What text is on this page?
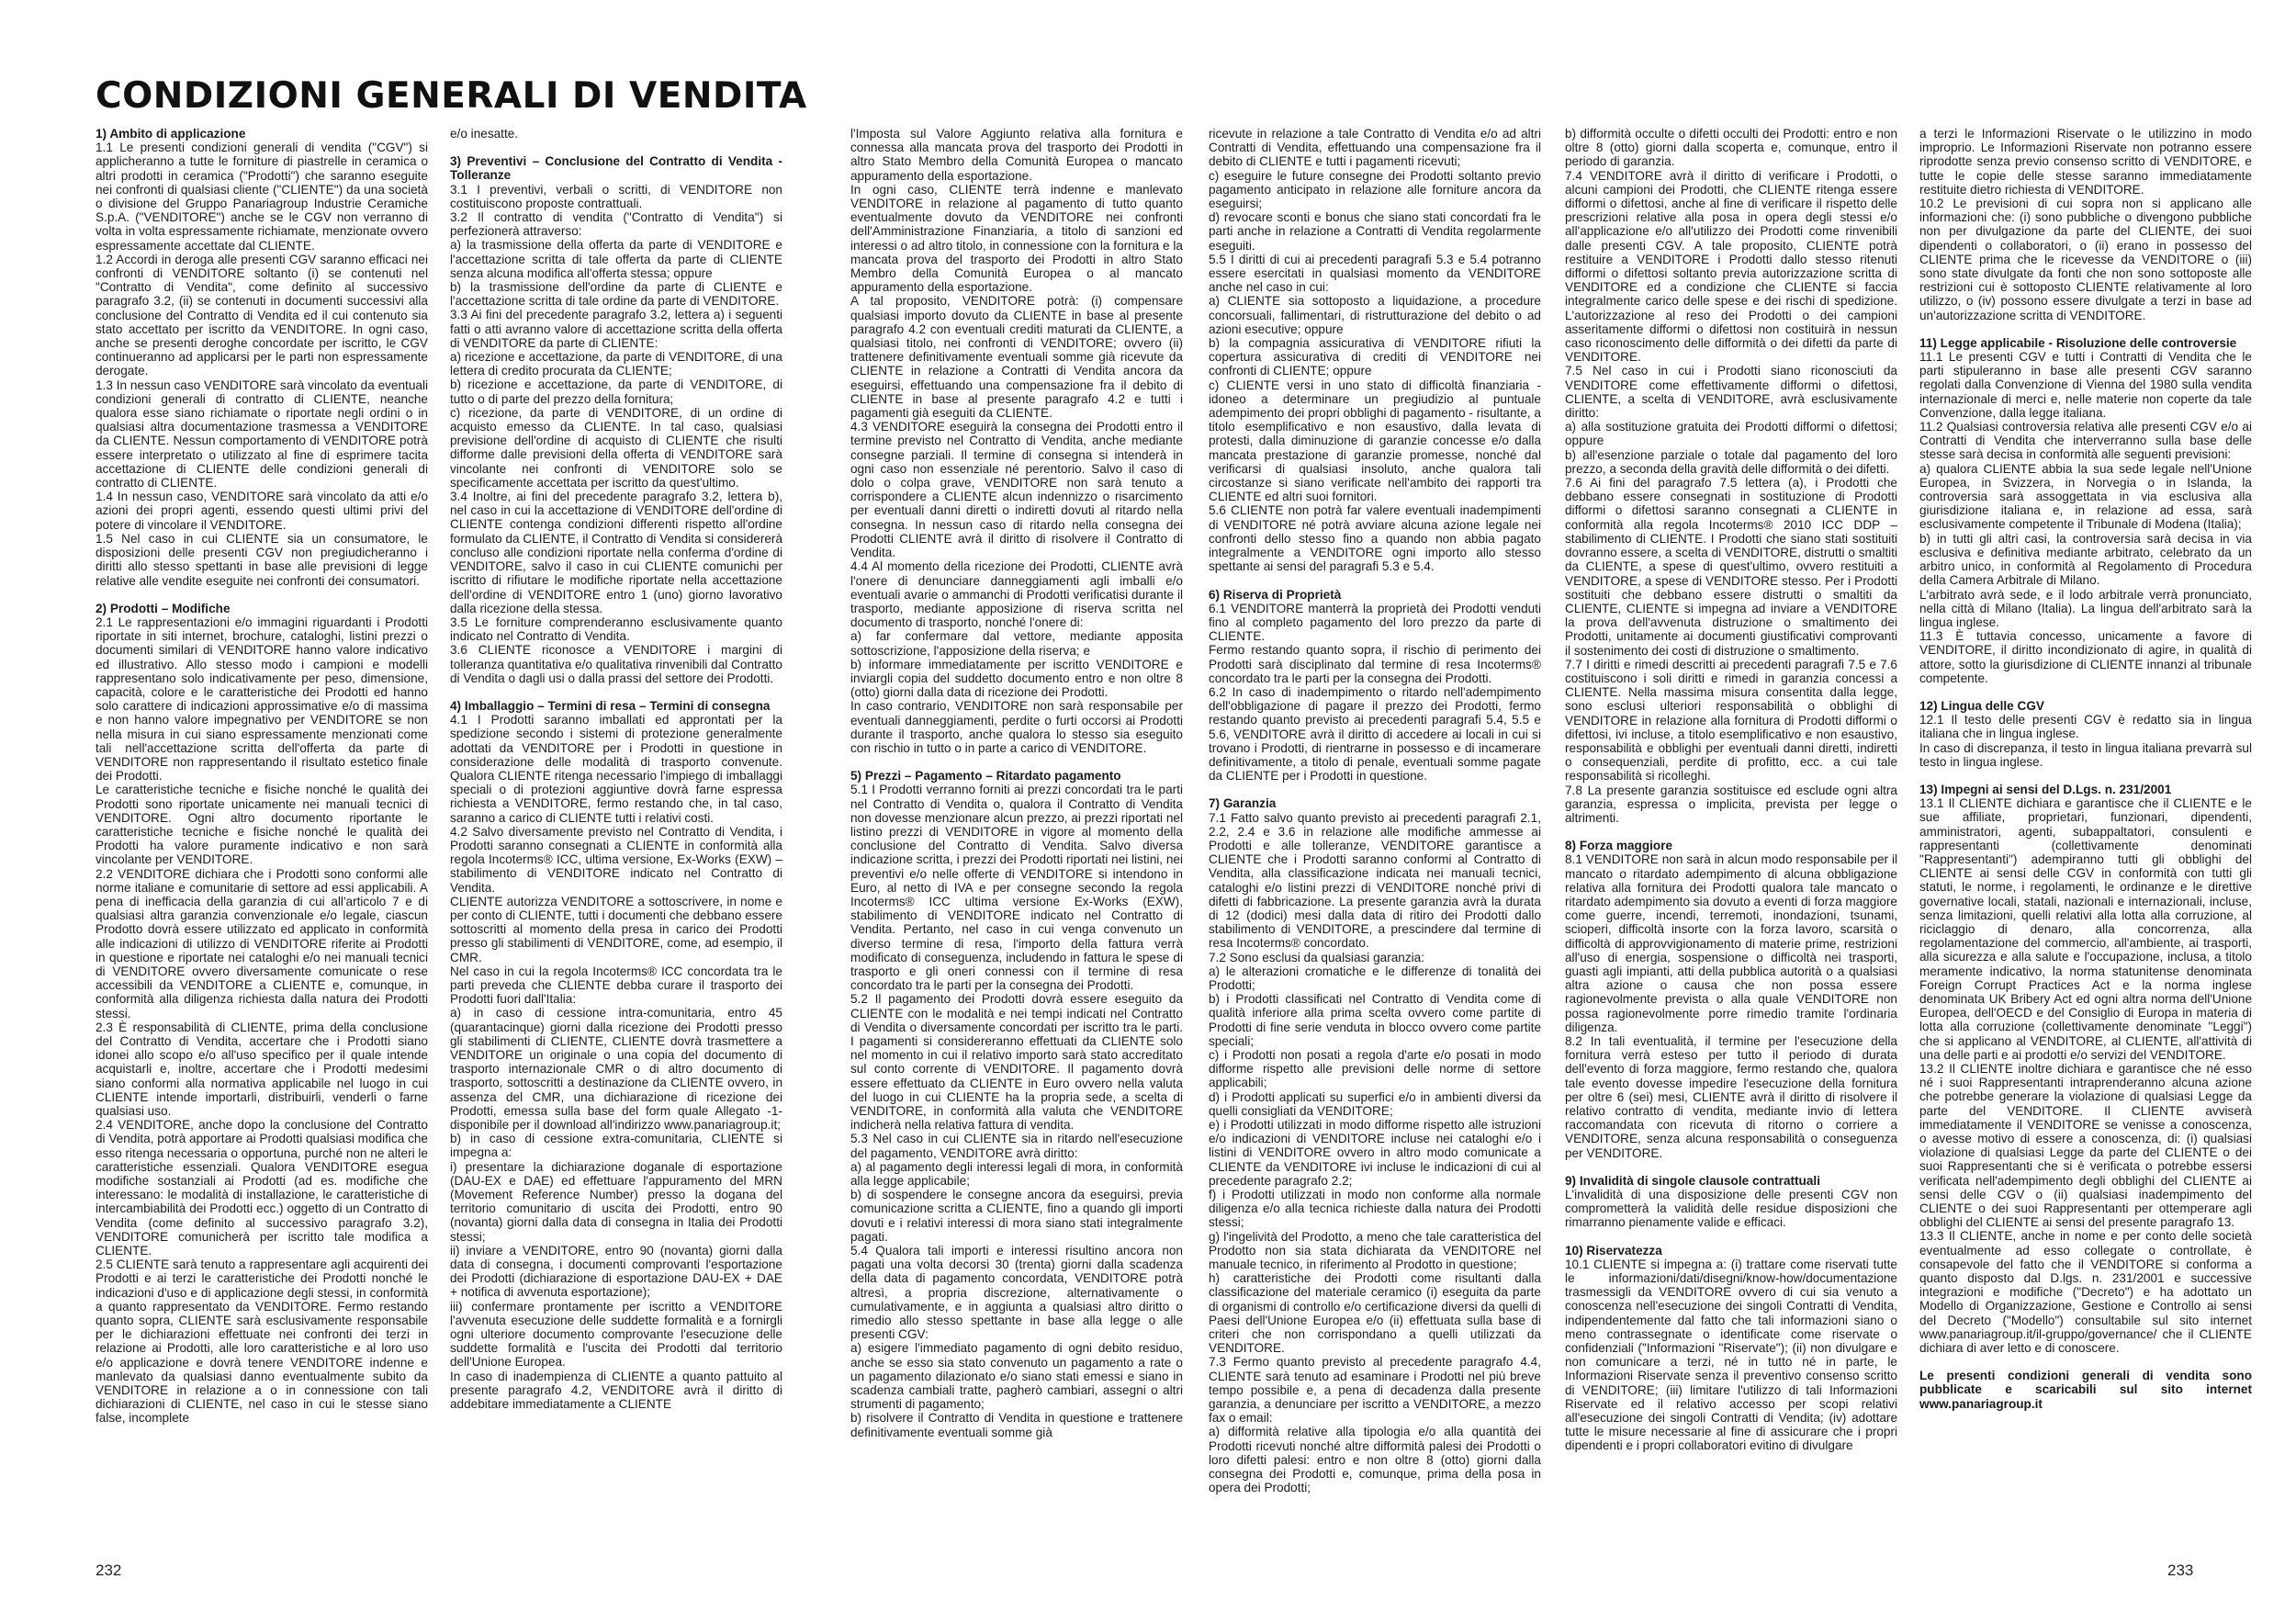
CONDIZIONI GENERALI DI VENDITA
1) Ambito di applicazione

1.1 Le presenti condizioni generali di vendita ("CGV") si applicheranno a tutte le forniture di piastrelle in ceramica o altri prodotti in ceramica ("Prodotti") che saranno eseguite nei confronti di qualsiasi cliente ("CLIENTE") da una società o divisione del Gruppo Panariagroup Industrie Ceramiche S.p.A. ("VENDITORE") anche se le CGV non verranno di volta in volta espressamente richiamate, menzionate ovvero espressamente accettate dal CLIENTE.

1.2 Accordi in deroga alle presenti CGV saranno efficaci nei confronti di VENDITORE soltanto (i) se contenuti nel "Contratto di Vendita", come definito al successivo paragrafo 3.2, (ii) se contenuti in documenti successivi alla conclusione del Contratto di Vendita ed il cui contenuto sia stato accettato per iscritto da VENDITORE. In ogni caso, anche se presenti deroghe concordate per iscritto, le CGV continueranno ad applicarsi per le parti non espressamente derogate.

1.3 In nessun caso VENDITORE sarà vincolato da eventuali condizioni generali di contratto di CLIENTE, neanche qualora esse siano richiamate o riportate negli ordini o in qualsiasi altra documentazione trasmessa a VENDITORE da CLIENTE. Nessun comportamento di VENDITORE potrà essere interpretato o utilizzato al fine di esprimere tacita accettazione di CLIENTE delle condizioni generali di contratto di CLIENTE.

1.4 In nessun caso, VENDITORE sarà vincolato da atti e/o azioni dei propri agenti, essendo questi ultimi privi del potere di vincolare il VENDITORE.

1.5 Nel caso in cui CLIENTE sia un consumatore, le disposizioni delle presenti CGV non pregiudicheranno i diritti allo stesso spettanti in base alle previsioni di legge relative alle vendite eseguite nei confronti dei consumatori.

2) Prodotti – Modifiche

2.1 Le rappresentazioni e/o immagini riguardanti i Prodotti riportate in siti internet, brochure, cataloghi, listini prezzi o documenti similari di VENDITORE hanno valore indicativo ed illustrativo. Allo stesso modo i campioni e modelli rappresentano solo indicativamente per peso, dimensione, capacità, colore e le caratteristiche dei Prodotti ed hanno solo carattere di indicazioni approssimative e/o di massima e non hanno valore impegnativo per VENDITORE se non nella misura in cui siano espressamente menzionati come tali nell'accettazione scritta dell'offerta da parte di VENDITORE non rappresentando il risultato estetico finale dei Prodotti.

Le caratteristiche tecniche e fisiche nonché le qualità dei Prodotti sono riportate unicamente nei manuali tecnici di VENDITORE. Ogni altro documento riportante le caratteristiche tecniche e fisiche nonché le qualità dei Prodotti ha valore puramente indicativo e non sarà vincolante per VENDITORE.

2.2 VENDITORE dichiara che i Prodotti sono conformi alle norme italiane e comunitarie di settore ad essi applicabili. A pena di inefficacia della garanzia di cui all'articolo 7 e di qualsiasi altra garanzia convenzionale e/o legale, ciascun Prodotto dovrà essere utilizzato ed applicato in conformità alle indicazioni di utilizzo di VENDITORE riferite ai Prodotti in questione e riportate nei cataloghi e/o nei manuali tecnici di VENDITORE ovvero diversamente comunicate o rese accessibili da VENDITORE a CLIENTE e, comunque, in conformità alla diligenza richiesta dalla natura dei Prodotti stessi.

2.3 È responsabilità di CLIENTE, prima della conclusione del Contratto di Vendita, accertare che i Prodotti siano idonei allo scopo e/o all'uso specifico per il quale intende acquistarli e, inoltre, accertare che i Prodotti medesimi siano conformi alla normativa applicabile nel luogo in cui CLIENTE intende importarli, distribuirli, venderli o farne qualsiasi uso.

2.4 VENDITORE, anche dopo la conclusione del Contratto di Vendita, potrà apportare ai Prodotti qualsiasi modifica che esso ritenga necessaria o opportuna, purché non ne alteri le caratteristiche essenziali. Qualora VENDITORE esegua modifiche sostanziali ai Prodotti (ad es. modifiche che interessano: le modalità di installazione, le caratteristiche di intercambiabilità dei Prodotti ecc.) oggetto di un Contratto di Vendita (come definito al successivo paragrafo 3.2), VENDITORE comunicherà per iscritto tale modifica a CLIENTE.

2.5 CLIENTE sarà tenuto a rappresentare agli acquirenti dei Prodotti e ai terzi le caratteristiche dei Prodotti nonché le indicazioni d'uso e di applicazione degli stessi, in conformità a quanto rappresentato da VENDITORE. Fermo restando quanto sopra, CLIENTE sarà esclusivamente responsabile per le dichiarazioni effettuate nei confronti dei terzi in relazione ai Prodotti, alle loro caratteristiche e al loro uso e/o applicazione e dovrà tenere VENDITORE indenne e manlevato da qualsiasi danno eventualmente subito da VENDITORE in relazione a o in connessione con tali dichiarazioni di CLIENTE, nel caso in cui le stesse siano false, incomplete

e/o inesatte.

3) Preventivi – Conclusione del Contratto di Vendita - Tolleranze

3.1 I preventivi, verbali o scritti, di VENDITORE non costituiscono proposte contrattuali.

3.2 Il contratto di vendita ("Contratto di Vendita") si perfezionerà attraverso:

a) la trasmissione della offerta da parte di VENDITORE e l'accettazione scritta di tale offerta da parte di CLIENTE senza alcuna modifica all'offerta stessa; oppure

b) la trasmissione dell'ordine da parte di CLIENTE e l'accettazione scritta di tale ordine da parte di VENDITORE.

3.3 Ai fini del precedente paragrafo 3.2, lettera a) i seguenti fatti o atti avranno valore di accettazione scritta della offerta di VENDITORE da parte di CLIENTE:

a) ricezione e accettazione, da parte di VENDITORE, di una lettera di credito procurata da CLIENTE;

b) ricezione e accettazione, da parte di VENDITORE, di tutto o di parte del prezzo della fornitura;

c) ricezione, da parte di VENDITORE, di un ordine di acquisto emesso da CLIENTE. In tal caso, qualsiasi previsione dell'ordine di acquisto di CLIENTE che risulti difforme dalle previsioni della offerta di VENDITORE sarà vincolante nei confronti di VENDITORE solo se specificamente accettata per iscritto da quest'ultimo.

3.4 Inoltre, ai fini del precedente paragrafo 3.2, lettera b), nel caso in cui la accettazione di VENDITORE dell'ordine di CLIENTE contenga condizioni differenti rispetto all'ordine formulato da CLIENTE, il Contratto di Vendita si considererà concluso alle condizioni riportate nella conferma d'ordine di VENDITORE, salvo il caso in cui CLIENTE comunichi per iscritto di rifiutare le modifiche riportate nella accettazione dell'ordine di VENDITORE entro 1 (uno) giorno lavorativo dalla ricezione della stessa.

3.5 Le forniture comprenderanno esclusivamente quanto indicato nel Contratto di Vendita.

3.6 CLIENTE riconosce a VENDITORE i margini di tolleranza quantitativa e/o qualitativa rinvenibili dal Contratto di Vendita o dagli usi o dalla prassi del settore dei Prodotti.

4) Imballaggio – Termini di resa – Termini di consegna

4.1 I Prodotti saranno imballati ed approntati per la spedizione secondo i sistemi di protezione generalmente adottati da VENDITORE per i Prodotti in questione in considerazione delle modalità di trasporto convenute. Qualora CLIENTE ritenga necessario l'impiego di imballaggi speciali o di protezioni aggiuntive dovrà farne espressa richiesta a VENDITORE, fermo restando che, in tal caso, saranno a carico di CLIENTE tutti i relativi costi.

4.2 Salvo diversamente previsto nel Contratto di Vendita, i Prodotti saranno consegnati a CLIENTE in conformità alla regola Incoterms® ICC, ultima versione, Ex-Works (EXW) – stabilimento di VENDITORE indicato nel Contratto di Vendita.

CLIENTE autorizza VENDITORE a sottoscrivere, in nome e per conto di CLIENTE, tutti i documenti che debbano essere sottoscritti al momento della presa in carico dei Prodotti presso gli stabilimenti di VENDITORE, come, ad esempio, il CMR.

Nel caso in cui la regola Incoterms® ICC concordata tra le parti preveda che CLIENTE debba curare il trasporto dei Prodotti fuori dall'Italia:

a) in caso di cessione intra-comunitaria, entro 45 (quarantacinque) giorni dalla ricezione dei Prodotti presso gli stabilimenti di CLIENTE, CLIENTE dovrà trasmettere a VENDITORE un originale o una copia del documento di trasporto internazionale CMR o di altro documento di trasporto, sottoscritti a destinazione da CLIENTE ovvero, in assenza del CMR, una dichiarazione di ricezione dei Prodotti, emessa sulla base del form quale Allegato -1- disponibile per il download all'indirizzo www.panariagroup.it;

b) in caso di cessione extra-comunitaria, CLIENTE si impegna a:

i) presentare la dichiarazione doganale di esportazione (DAU-EX e DAE) ed effettuare l'appuramento del MRN (Movement Reference Number) presso la dogana del territorio comunitario di uscita dei Prodotti, entro 90 (novanta) giorni dalla data di consegna in Italia dei Prodotti stessi;

ii) inviare a VENDITORE, entro 90 (novanta) giorni dalla data di consegna, i documenti comprovanti l'esportazione dei Prodotti (dichiarazione di esportazione DAU-EX + DAE + notifica di avvenuta esportazione);

iii) confermare prontamente per iscritto a VENDITORE l'avvenuta esecuzione delle suddette formalità e a fornirgli ogni ulteriore documento comprovante l'esecuzione delle suddette formalità e l'uscita dei Prodotti dal territorio dell'Unione Europea.

In caso di inadempienza di CLIENTE a quanto pattuito al presente paragrafo 4.2, VENDITORE avrà il diritto di addebitare immediatamente a CLIENTE

l'Imposta sul Valore Aggiunto relativa alla fornitura e connessa alla mancata prova del trasporto dei Prodotti in altro Stato Membro della Comunità Europea o mancato appuramento della esportazione.

In ogni caso, CLIENTE terrà indenne e manlevato VENDITORE in relazione al pagamento di tutto quanto eventualmente dovuto da VENDITORE nei confronti dell'Amministrazione Finanziaria, a titolo di sanzioni ed interessi o ad altro titolo, in connessione con la fornitura e la mancata prova del trasporto dei Prodotti in altro Stato Membro della Comunità Europea o al mancato appuramento della esportazione.

A tal proposito, VENDITORE potrà: (i) compensare qualsiasi importo dovuto da CLIENTE in base al presente paragrafo 4.2 con eventuali crediti maturati da CLIENTE, a qualsiasi titolo, nei confronti di VENDITORE; ovvero (ii) trattenere definitivamente eventuali somme già ricevute da CLIENTE in relazione a Contratti di Vendita ancora da eseguirsi, effettuando una compensazione fra il debito di CLIENTE in base al presente paragrafo 4.2 e tutti i pagamenti già eseguiti da CLIENTE.

4.3 VENDITORE eseguirà la consegna dei Prodotti entro il termine previsto nel Contratto di Vendita, anche mediante consegne parziali. Il termine di consegna si intenderà in ogni caso non essenziale né perentorio. Salvo il caso di dolo o colpa grave, VENDITORE non sarà tenuto a corrispondere a CLIENTE alcun indennizzo o risarcimento per eventuali danni diretti o indiretti dovuti al ritardo nella consegna. In nessun caso di ritardo nella consegna dei Prodotti CLIENTE avrà il diritto di risolvere il Contratto di Vendita.

4.4 Al momento della ricezione dei Prodotti, CLIENTE avrà l'onere di denunciare danneggiamenti agli imballi e/o eventuali avarie o ammanchi di Prodotti verificatisi durante il trasporto, mediante apposizione di riserva scritta nel documento di trasporto, nonché l'onere di:

a) far confermare dal vettore, mediante apposita sottoscrizione, l'apposizione della riserva; e

b) informare immediatamente per iscritto VENDITORE e inviargli copia del suddetto documento entro e non oltre 8 (otto) giorni dalla data di ricezione dei Prodotti.

In caso contrario, VENDITORE non sarà responsabile per eventuali danneggiamenti, perdite o furti occorsi ai Prodotti durante il trasporto, anche qualora lo stesso sia eseguito con rischio in tutto o in parte a carico di VENDITORE.

5) Prezzi – Pagamento – Ritardato pagamento

5.1 I Prodotti verranno forniti ai prezzi concordati tra le parti nel Contratto di Vendita o, qualora il Contratto di Vendita non dovesse menzionare alcun prezzo, ai prezzi riportati nel listino prezzi di VENDITORE in vigore al momento della conclusione del Contratto di Vendita. Salvo diversa indicazione scritta, i prezzi dei Prodotti riportati nei listini, nei preventivi e/o nelle offerte di VENDITORE si intendono in Euro, al netto di IVA e per consegne secondo la regola Incoterms® ICC ultima versione Ex-Works (EXW), stabilimento di VENDITORE indicato nel Contratto di Vendita. Pertanto, nel caso in cui venga convenuto un diverso termine di resa, l'importo della fattura verrà modificato di conseguenza, includendo in fattura le spese di trasporto e gli oneri connessi con il termine di resa concordato tra le parti per la consegna dei Prodotti.

5.2 Il pagamento dei Prodotti dovrà essere eseguito da CLIENTE con le modalità e nei tempi indicati nel Contratto di Vendita o diversamente concordati per iscritto tra le parti. I pagamenti si considereranno effettuati da CLIENTE solo nel momento in cui il relativo importo sarà stato accreditato sul conto corrente di VENDITORE. Il pagamento dovrà essere effettuato da CLIENTE in Euro ovvero nella valuta del luogo in cui CLIENTE ha la propria sede, a scelta di VENDITORE, in conformità alla valuta che VENDITORE indicherà nella relativa fattura di vendita.

5.3 Nel caso in cui CLIENTE sia in ritardo nell'esecuzione del pagamento, VENDITORE avrà diritto:

a) al pagamento degli interessi legali di mora, in conformità alla legge applicabile;

b) di sospendere le consegne ancora da eseguirsi, previa comunicazione scritta a CLIENTE, fino a quando gli importi dovuti e i relativi interessi di mora siano stati integralmente pagati.

5.4 Qualora tali importi e interessi risultino ancora non pagati una volta decorsi 30 (trenta) giorni dalla scadenza della data di pagamento concordata, VENDITORE potrà altresì, a propria discrezione, alternativamente o cumulativamente, e in aggiunta a qualsiasi altro diritto o rimedio allo stesso spettante in base alla legge o alle presenti CGV:

a) esigere l'immediato pagamento di ogni debito residuo, anche se esso sia stato convenuto un pagamento a rate o un pagamento dilazionato e/o siano stati emessi e siano in scadenza cambiali tratte, pagherò cambiari, assegni o altri strumenti di pagamento;

b) risolvere il Contratto di Vendita in questione e trattenere definitivamente eventuali somme già

ricevute in relazione a tale Contratto di Vendita e/o ad altri Contratti di Vendita, effettuando una compensazione fra il debito di CLIENTE e tutti i pagamenti ricevuti;

c) eseguire le future consegne dei Prodotti soltanto previo pagamento anticipato in relazione alle forniture ancora da eseguirsi;

d) revocare sconti e bonus che siano stati concordati fra le parti anche in relazione a Contratti di Vendita regolarmente eseguiti.

5.5 I diritti di cui ai precedenti paragrafi 5.3 e 5.4 potranno essere esercitati in qualsiasi momento da VENDITORE anche nel caso in cui:

a) CLIENTE sia sottoposto a liquidazione, a procedure concorsuali, fallimentari, di ristrutturazione del debito o ad azioni esecutive; oppure

b) la compagnia assicurativa di VENDITORE rifiuti la copertura assicurativa di crediti di VENDITORE nei confronti di CLIENTE; oppure

c) CLIENTE versi in uno stato di difficoltà finanziaria - idoneo a determinare un pregiudizio al puntuale adempimento dei propri obblighi di pagamento - risultante, a titolo esemplificativo e non esaustivo, dalla levata di protesti, dalla diminuzione di garanzie concesse e/o dalla mancata prestazione di garanzie promesse, nonché dal verificarsi di qualsiasi insoluto, anche qualora tali circostanze si siano verificate nell'ambito dei rapporti tra CLIENTE ed altri suoi fornitori.

5.6 CLIENTE non potrà far valere eventuali inadempimenti di VENDITORE né potrà avviare alcuna azione legale nei confronti dello stesso fino a quando non abbia pagato integralmente a VENDITORE ogni importo allo stesso spettante ai sensi del paragrafi 5.3 e 5.4.

6) Riserva di Proprietà

6.1 VENDITORE manterrà la proprietà dei Prodotti venduti fino al completo pagamento del loro prezzo da parte di CLIENTE.

Fermo restando quanto sopra, il rischio di perimento dei Prodotti sarà disciplinato dal termine di resa Incoterms® concordato tra le parti per la consegna dei Prodotti.

6.2 In caso di inadempimento o ritardo nell'adempimento dell'obbligazione di pagare il prezzo dei Prodotti, fermo restando quanto previsto ai precedenti paragrafi 5.4, 5.5 e 5.6, VENDITORE avrà il diritto di accedere ai locali in cui si trovano i Prodotti, di rientrarne in possesso e di incamerare definitivamente, a titolo di penale, eventuali somme pagate da CLIENTE per i Prodotti in questione.

7) Garanzia

7.1 Fatto salvo quanto previsto ai precedenti paragrafi 2.1, 2.2, 2.4 e 3.6 in relazione alle modifiche ammesse ai Prodotti e alle tolleranze, VENDITORE garantisce a CLIENTE che i Prodotti saranno conformi al Contratto di Vendita, alla classificazione indicata nei manuali tecnici, cataloghi e/o listini prezzi di VENDITORE nonché privi di difetti di fabbricazione. La presente garanzia avrà la durata di 12 (dodici) mesi dalla data di ritiro dei Prodotti dallo stabilimento di VENDITORE, a prescindere dal termine di resa Incoterms® concordato.

7.2 Sono esclusi da qualsiasi garanzia:

a) le alterazioni cromatiche e le differenze di tonalità dei Prodotti;

b) i Prodotti classificati nel Contratto di Vendita come di qualità inferiore alla prima scelta ovvero come partite di Prodotti di fine serie venduta in blocco ovvero come partite speciali;

c) i Prodotti non posati a regola d'arte e/o posati in modo difforme rispetto alle previsioni delle norme di settore applicabili;

d) i Prodotti applicati su superfici e/o in ambienti diversi da quelli consigliati da VENDITORE;

e) i Prodotti utilizzati in modo difforme rispetto alle istruzioni e/o indicazioni di VENDITORE incluse nei cataloghi e/o i listini di VENDITORE ovvero in altro modo comunicate a CLIENTE da VENDITORE ivi incluse le indicazioni di cui al precedente paragrafo 2.2;

f) i Prodotti utilizzati in modo non conforme alla normale diligenza e/o alla tecnica richieste dalla natura dei Prodotti stessi;

g) l'ingelività del Prodotto, a meno che tale caratteristica del Prodotto non sia stata dichiarata da VENDITORE nel manuale tecnico, in riferimento al Prodotto in questione;

h) caratteristiche dei Prodotti come risultanti dalla classificazione del materiale ceramico (i) eseguita da parte di organismi di controllo e/o certificazione diversi da quelli di Paesi dell'Unione Europea e/o (ii) effettuata sulla base di criteri che non corrispondano a quelli utilizzati da VENDITORE.

7.3 Fermo quanto previsto al precedente paragrafo 4.4, CLIENTE sarà tenuto ad esaminare i Prodotti nel più breve tempo possibile e, a pena di decadenza dalla presente garanzia, a denunciare per iscritto a VENDITORE, a mezzo fax o email:

a) difformità relative alla tipologia e/o alla quantità dei Prodotti ricevuti nonché altre difformità palesi dei Prodotti o loro difetti palesi: entro e non oltre 8 (otto) giorni dalla consegna dei Prodotti e, comunque, prima della posa in opera dei Prodotti;

b) difformità occulte o difetti occulti dei Prodotti: entro e non oltre 8 (otto) giorni dalla scoperta e, comunque, entro il periodo di garanzia.

7.4 VENDITORE avrà il diritto di verificare i Prodotti, o alcuni campioni dei Prodotti, che CLIENTE ritenga essere difformi o difettosi, anche al fine di verificare il rispetto delle prescrizioni relative alla posa in opera degli stessi e/o all'applicazione e/o all'utilizzo dei Prodotti come rinvenibili dalle presenti CGV. A tale proposito, CLIENTE potrà restituire a VENDITORE i Prodotti dallo stesso ritenuti difformi o difettosi soltanto previa autorizzazione scritta di VENDITORE ed a condizione che CLIENTE si faccia integralmente carico delle spese e dei rischi di spedizione. L'autorizzazione al reso dei Prodotti o dei campioni asseritamente difformi o difettosi non costituirà in nessun caso riconoscimento delle difformità o dei difetti da parte di VENDITORE.

7.5 Nel caso in cui i Prodotti siano riconosciuti da VENDITORE come effettivamente difformi o difettosi, CLIENTE, a scelta di VENDITORE, avrà esclusivamente diritto:

a) alla sostituzione gratuita dei Prodotti difformi o difettosi; oppure

b) all'esenzione parziale o totale dal pagamento del loro prezzo, a seconda della gravità delle difformità o dei difetti.

7.6 Ai fini del paragrafo 7.5 lettera (a), i Prodotti che debbano essere consegnati in sostituzione di Prodotti difformi o difettosi saranno consegnati a CLIENTE in conformità alla regola Incoterms® 2010 ICC DDP – stabilimento di CLIENTE. I Prodotti che siano stati sostituiti dovranno essere, a scelta di VENDITORE, distrutti o smaltiti da CLIENTE, a spese di quest'ultimo, ovvero restituiti a VENDITORE, a spese di VENDITORE stesso. Per i Prodotti sostituiti che debbano essere distrutti o smaltiti da CLIENTE, CLIENTE si impegna ad inviare a VENDITORE la prova dell'avvenuta distruzione o smaltimento dei Prodotti, unitamente ai documenti giustificativi comprovanti il sostenimento dei costi di distruzione o smaltimento.

7.7 I diritti e rimedi descritti ai precedenti paragrafi 7.5 e 7.6 costituiscono i soli diritti e rimedi in garanzia concessi a CLIENTE. Nella massima misura consentita dalla legge, sono esclusi ulteriori responsabilità o obblighi di VENDITORE in relazione alla fornitura di Prodotti difformi o difettosi, ivi incluse, a titolo esemplificativo e non esaustivo, responsabilità e obblighi per eventuali danni diretti, indiretti o consequenziali, perdite di profitto, ecc. a cui tale responsabilità si ricolleghi.

7.8 La presente garanzia sostituisce ed esclude ogni altra garanzia, espressa o implicita, prevista per legge o altrimenti.

8) Forza maggiore

8.1 VENDITORE non sarà in alcun modo responsabile per il mancato o ritardato adempimento di alcuna obbligazione relativa alla fornitura dei Prodotti qualora tale mancato o ritardato adempimento sia dovuto a eventi di forza maggiore come guerre, incendi, terremoti, inondazioni, tsunami, scioperi, difficoltà insorte con la forza lavoro, scarsità o difficoltà di approvvigionamento di materie prime, restrizioni all'uso di energia, sospensione o difficoltà nei trasporti, guasti agli impianti, atti della pubblica autorità o a qualsiasi altra azione o causa che non possa essere ragionevolmente prevista o alla quale VENDITORE non possa ragionevolmente porre rimedio tramite l'ordinaria diligenza.

8.2 In tali eventualità, il termine per l'esecuzione della fornitura verrà esteso per tutto il periodo di durata dell'evento di forza maggiore, fermo restando che, qualora tale evento dovesse impedire l'esecuzione della fornitura per oltre 6 (sei) mesi, CLIENTE avrà il diritto di risolvere il relativo contratto di vendita, mediante invio di lettera raccomandata con ricevuta di ritorno o corriere a VENDITORE, senza alcuna responsabilità o conseguenza per VENDITORE.

9) Invalidità di singole clausole contrattuali

L'invalidità di una disposizione delle presenti CGV non comprometterà la validità delle residue disposizioni che rimarranno pienamente valide e efficaci.

10) Riservatezza

10.1 CLIENTE si impegna a: (i) trattare come riservati tutte le informazioni/dati/disegni/know-how/documentazione trasmessigli da VENDITORE ovvero di cui sia venuto a conoscenza nell'esecuzione dei singoli Contratti di Vendita, indipendentemente dal fatto che tali informazioni siano o meno contrassegnate o identificate come riservate o confidenziali ("Informazioni "Riservate"); (ii) non divulgare e non comunicare a terzi, né in tutto né in parte, le Informazioni Riservate senza il preventivo consenso scritto di VENDITORE; (iii) limitare l'utilizzo di tali Informazioni Riservate ed il relativo accesso per scopi relativi all'esecuzione dei singoli Contratti di Vendita; (iv) adottare tutte le misure necessarie al fine di assicurare che i propri dipendenti e i propri collaboratori evitino di divulgare

a terzi le Informazioni Riservate o le utilizzino in modo improprio. Le Informazioni Riservate non potranno essere riprodotte senza previo consenso scritto di VENDITORE, e tutte le copie delle stesse saranno immediatamente restituite dietro richiesta di VENDITORE.

10.2 Le previsioni di cui sopra non si applicano alle informazioni che: (i) sono pubbliche o divengono pubbliche non per divulgazione da parte del CLIENTE, dei suoi dipendenti o collaboratori, o (ii) erano in possesso del CLIENTE prima che le ricevesse da VENDITORE o (iii) sono state divulgate da fonti che non sono sottoposte alle restrizioni cui è sottoposto CLIENTE relativamente al loro utilizzo, o (iv) possono essere divulgate a terzi in base ad un'autorizzazione scritta di VENDITORE.

11) Legge applicabile - Risoluzione delle controversie

11.1 Le presenti CGV e tutti i Contratti di Vendita che le parti stipuleranno in base alle presenti CGV saranno regolati dalla Convenzione di Vienna del 1980 sulla vendita internazionale di merci e, nelle materie non coperte da tale Convenzione, dalla legge italiana.

11.2 Qualsiasi controversia relativa alle presenti CGV e/o ai Contratti di Vendita che interverranno sulla base delle stesse sarà decisa in conformità alle seguenti previsioni:

a) qualora CLIENTE abbia la sua sede legale nell'Unione Europea, in Svizzera, in Norvegia o in Islanda, la controversia sarà assoggettata in via esclusiva alla giurisdizione italiana e, in relazione ad essa, sarà esclusivamente competente il Tribunale di Modena (Italia);

b) in tutti gli altri casi, la controversia sarà decisa in via esclusiva e definitiva mediante arbitrato, celebrato da un arbitro unico, in conformità al Regolamento di Procedura della Camera Arbitrale di Milano.

L'arbitrato avrà sede, e il lodo arbitrale verrà pronunciato, nella città di Milano (Italia). La lingua dell'arbitrato sarà la lingua inglese.

11.3 È tuttavia concesso, unicamente a favore di VENDITORE, il diritto incondizionato di agire, in qualità di attore, sotto la giurisdizione di CLIENTE innanzi al tribunale competente.

12) Lingua delle CGV

12.1 Il testo delle presenti CGV è redatto sia in lingua italiana che in lingua inglese.

In caso di discrepanza, il testo in lingua italiana prevarrà sul testo in lingua inglese.

13) Impegni ai sensi del D.Lgs. n. 231/2001

13.1 Il CLIENTE dichiara e garantisce che il CLIENTE e le sue affiliate, proprietari, funzionari, dipendenti, amministratori, agenti, subappaltatori, consulenti e rappresentanti (collettivamente denominati "Rappresentanti") adempiranno tutti gli obblighi del CLIENTE ai sensi delle CGV in conformità con tutti gli statuti, le norme, i regolamenti, le ordinanze e le direttive governative locali, statali, nazionali e internazionali, incluse, senza limitazioni, quelli relativi alla lotta alla corruzione, al riciclaggio di denaro, alla concorrenza, alla regolamentazione del commercio, all'ambiente, ai trasporti, alla sicurezza e alla salute e l'occupazione, inclusa, a titolo meramente indicativo, la norma statunitense denominata Foreign Corrupt Practices Act e la norma inglese denominata UK Bribery Act ed ogni altra norma dell'Unione Europea, dell'OECD e del Consiglio di Europa in materia di lotta alla corruzione (collettivamente denominate "Leggi") che si applicano al VENDITORE, al CLIENTE, all'attività di una delle parti e ai prodotti e/o servizi del VENDITORE.

13.2 Il CLIENTE inoltre dichiara e garantisce che né esso né i suoi Rappresentanti intraprenderanno alcuna azione che potrebbe generare la violazione di qualsiasi Legge da parte del VENDITORE. Il CLIENTE avviserà immediatamente il VENDITORE se venisse a conoscenza, o avesse motivo di essere a conoscenza, di: (i) qualsiasi violazione di qualsiasi Legge da parte del CLIENTE o dei suoi Rappresentanti che si è verificata o potrebbe essersi verificata nell'adempimento degli obblighi del CLIENTE ai sensi delle CGV o (ii) qualsiasi inadempimento del CLIENTE o dei suoi Rappresentanti per ottemperare agli obblighi del CLIENTE ai sensi del presente paragrafo 13.

13.3 Il CLIENTE, anche in nome e per conto delle società eventualmente ad esso collegate o controllate, è consapevole del fatto che il VENDITORE si conforma a quanto disposto dal D.lgs. n. 231/2001 e successive integrazioni e modifiche ("Decreto") e ha adottato un Modello di Organizzazione, Gestione e Controllo ai sensi del Decreto ("Modello") consultabile sul sito internet www.panariagroup.it/il-gruppo/governance/ che il CLIENTE dichiara di aver letto e di conoscere.

Le presenti condizioni generali di vendita sono pubblicate e scaricabili sul sito internet www.panariagroup.it

232	233
